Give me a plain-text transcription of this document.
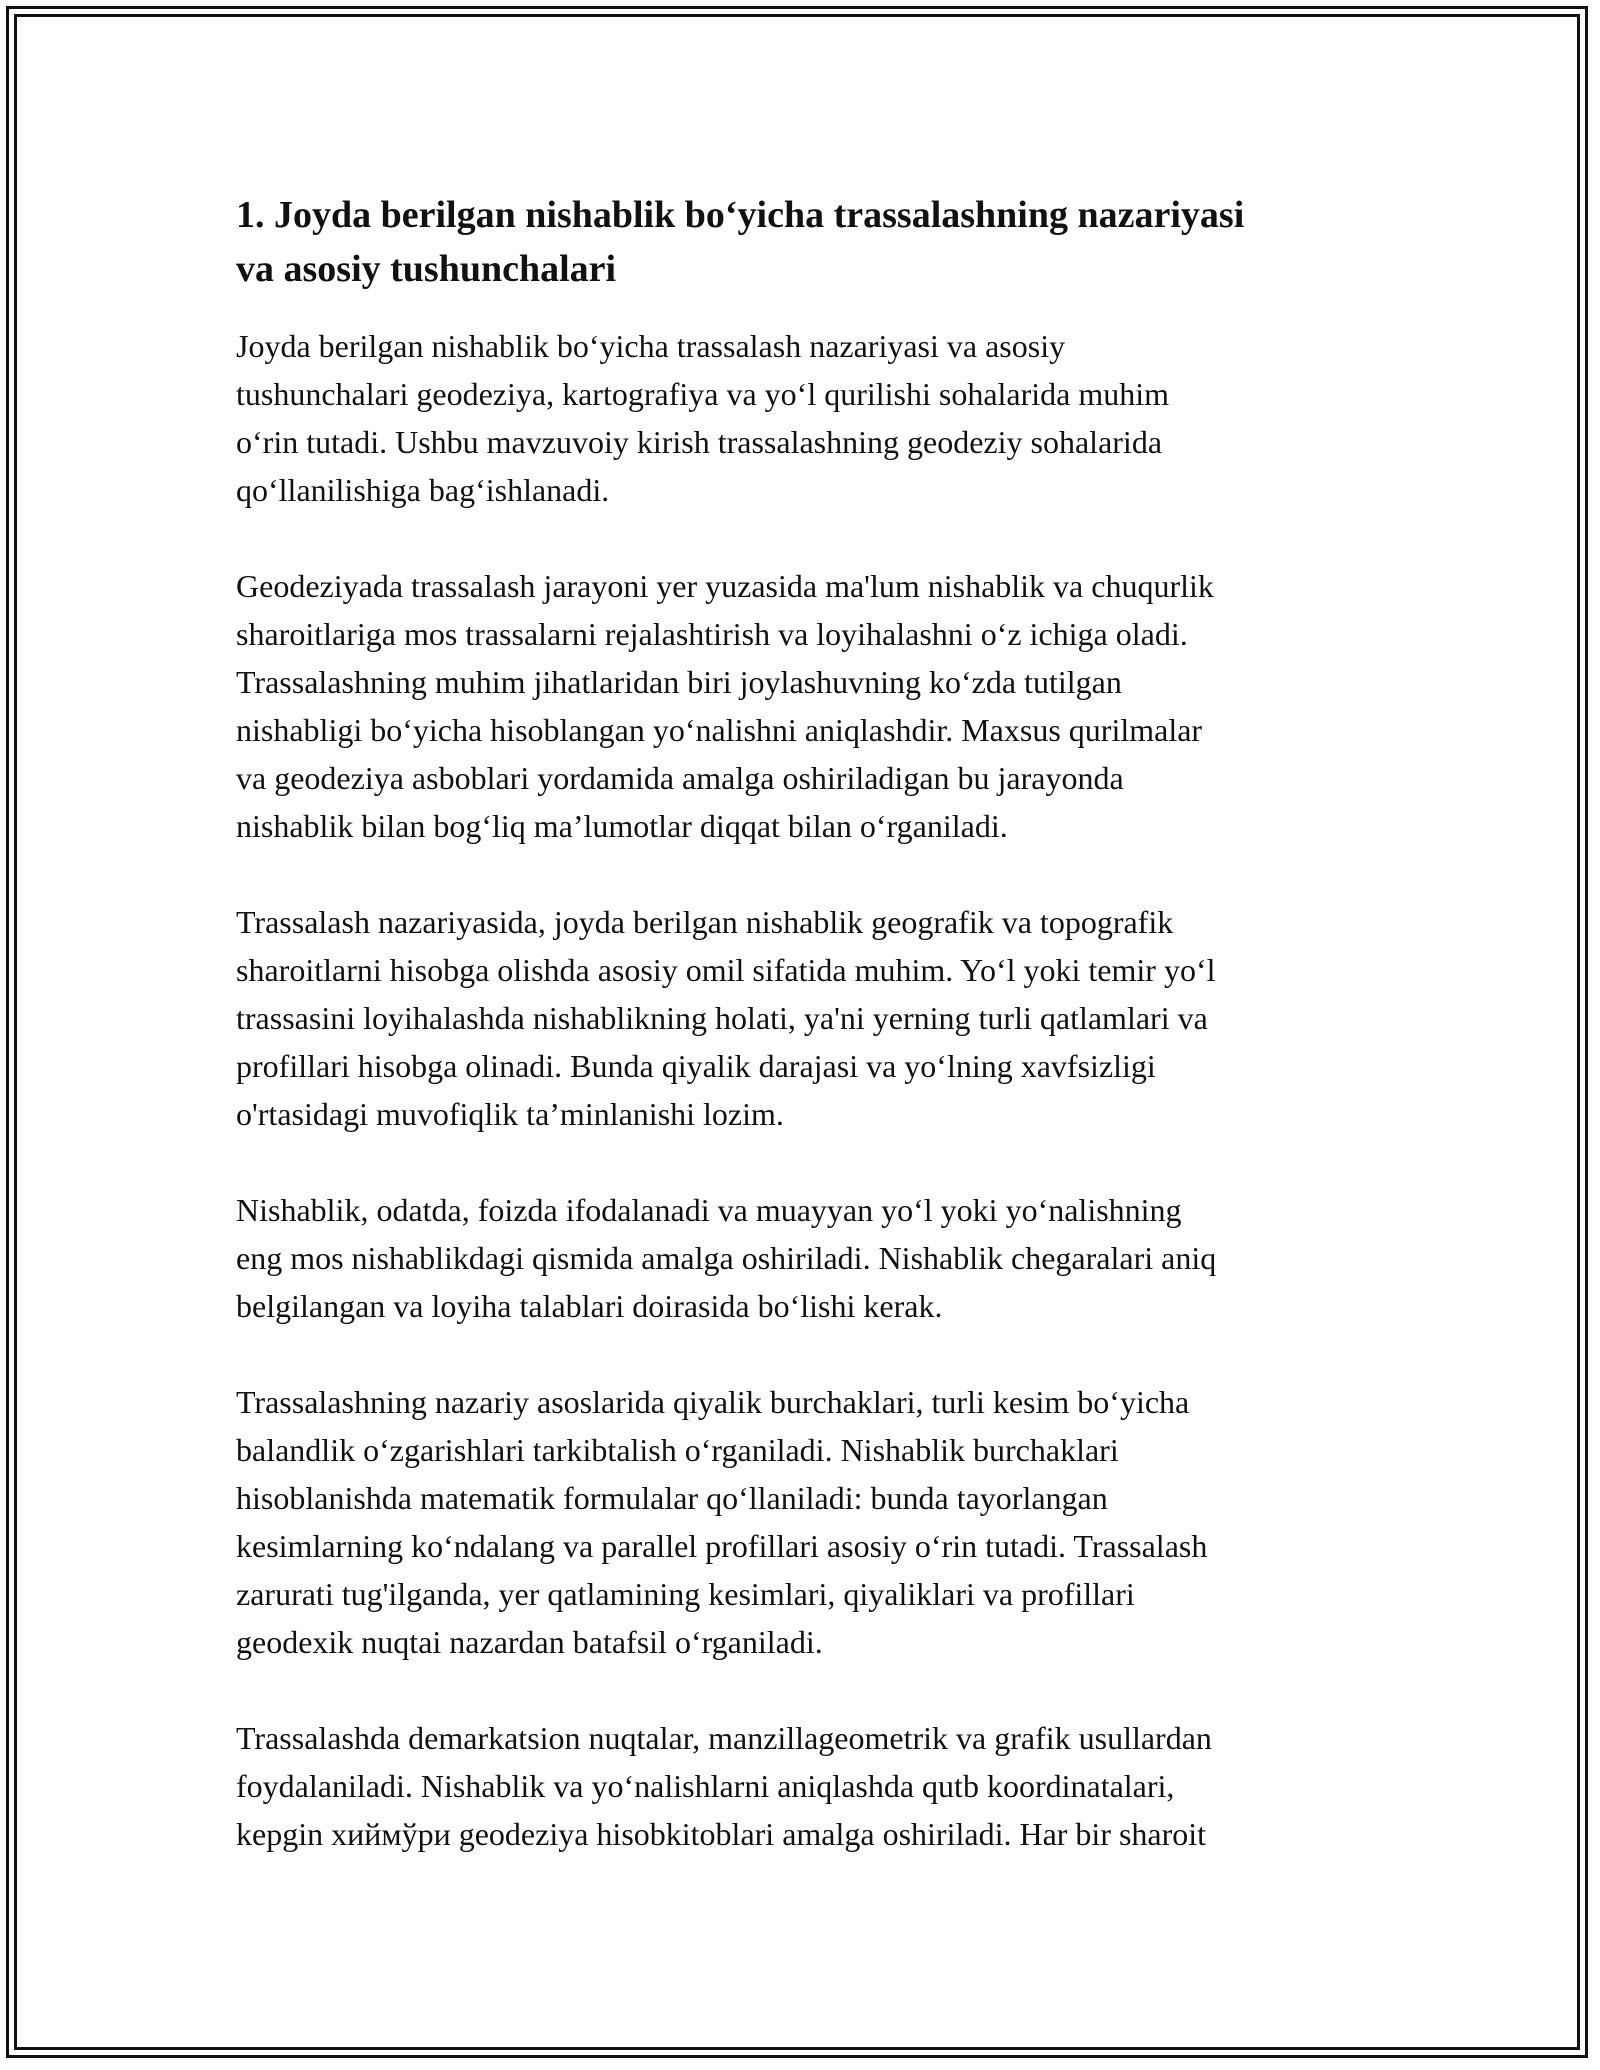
1. Joyda berilgan nishablik boʻyicha trassalashning nazariyasi
va asosiy tushunchalari
Joyda berilgan nishablik boʻyicha trassalash nazariyasi va asosiy
tushunchalari geodeziya, kartografiya va yoʻl qurilishi sohalarida muhim
oʻrin tutadi. Ushbu mavzuvoiy kirish trassalashning geodeziy sohalarida
qoʻllanilishiga bagʻishlanadi.
Geodeziyada trassalash jarayoni yer yuzasida ma'lum nishablik va chuqurlik
sharoitlariga mos trassalarni rejalashtirish va loyihalashni oʻz ichiga oladi.
Trassalashning muhim jihatlaridan biri joylashuvning koʻzda tutilgan
nishabligi boʻyicha hisoblangan yoʻnalishni aniqlashdir. Maxsus qurilmalar
va geodeziya asboblari yordamida amalga oshiriladigan bu jarayonda
nishablik bilan bogʻliq ma’lumotlar diqqat bilan oʻrganiladi.
Trassalash nazariyasida, joyda berilgan nishablik geografik va topografik
sharoitlarni hisobga olishda asosiy omil sifatida muhim. Yoʻl yoki temir yoʻl
trassasini loyihalashda nishablikning holati, ya'ni yerning turli qatlamlari va
profillari hisobga olinadi. Bunda qiyalik darajasi va yoʻlning xavfsizligi
o'rtasidagi muvofiqlik ta’minlanishi lozim.
Nishablik, odatda, foizda ifodalanadi va muayyan yoʻl yoki yoʻnalishning
eng mos nishablikdagi qismida amalga oshiriladi. Nishablik chegaralari aniq
belgilangan va loyiha talablari doirasida boʻlishi kerak.
Trassalashning nazariy asoslarida qiyalik burchaklari, turli kesim boʻyicha
balandlik oʻzgarishlari tarkibtalish oʻrganiladi. Nishablik burchaklari
hisoblanishda matematik formulalar qoʻllaniladi: bunda tayorlangan
kesimlarning koʻndalang va parallel profillari asosiy oʻrin tutadi. Trassalash
zarurati tug'ilganda, yer qatlamining kesimlari, qiyaliklari va profillari
geodexik nuqtai nazardan batafsil oʻrganiladi.
Trassalashda demarkatsion nuqtalar, manzillageometrik va grafik usullardan
foydalaniladi. Nishablik va yoʻnalishlarni aniqlashda qutb koordinatalari,
kepgin хиймўри geodeziya hisobkitoblari amalga oshiriladi. Har bir sharoit
